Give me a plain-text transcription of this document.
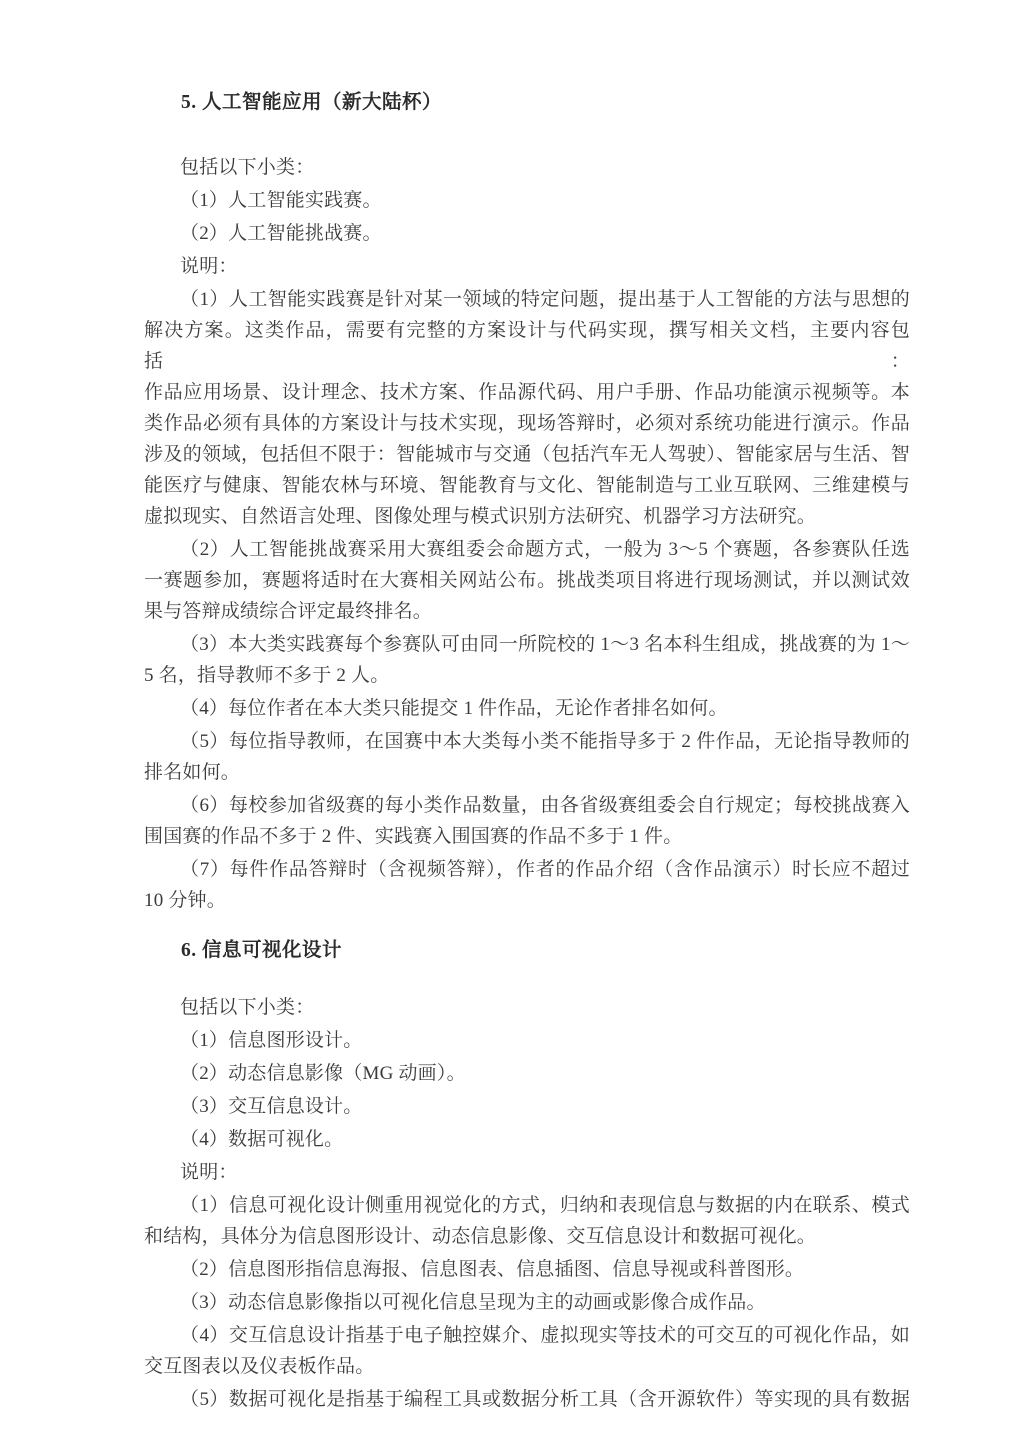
5. 人工智能应用（新大陆杯）
包括以下小类：
（1）人工智能实践赛。
（2）人工智能挑战赛。
说明：
（1）人工智能实践赛是针对某一领域的特定问题，提出基于人工智能的方法与思想的
解决方案。这类作品，需要有完整的方案设计与代码实现，撰写相关文档，主要内容包括：
作品应用场景、设计理念、技术方案、作品源代码、用户手册、作品功能演示视频等。本
类作品必须有具体的方案设计与技术实现，现场答辩时，必须对系统功能进行演示。作品
涉及的领域，包括但不限于：智能城市与交通（包括汽车无人驾驶）、智能家居与生活、智
能医疗与健康、智能农林与环境、智能教育与文化、智能制造与工业互联网、三维建模与
虚拟现实、自然语言处理、图像处理与模式识别方法研究、机器学习方法研究。
（2）人工智能挑战赛采用大赛组委会命题方式，一般为 3～5 个赛题，各参赛队任选
一赛题参加，赛题将适时在大赛相关网站公布。挑战类项目将进行现场测试，并以测试效
果与答辩成绩综合评定最终排名。
（3）本大类实践赛每个参赛队可由同一所院校的 1～3 名本科生组成，挑战赛的为 1～
5 名，指导教师不多于 2 人。
（4）每位作者在本大类只能提交 1 件作品，无论作者排名如何。
（5）每位指导教师，在国赛中本大类每小类不能指导多于 2 件作品，无论指导教师的
排名如何。
（6）每校参加省级赛的每小类作品数量，由各省级赛组委会自行规定；每校挑战赛入
围国赛的作品不多于 2 件、实践赛入围国赛的作品不多于 1 件。
（7）每件作品答辩时（含视频答辩），作者的作品介绍（含作品演示）时长应不超过
10 分钟。
6. 信息可视化设计
包括以下小类：
（1）信息图形设计。
（2）动态信息影像（MG 动画）。
（3）交互信息设计。
（4）数据可视化。
说明：
（1）信息可视化设计侧重用视觉化的方式，归纳和表现信息与数据的内在联系、模式
和结构，具体分为信息图形设计、动态信息影像、交互信息设计和数据可视化。
（2）信息图形指信息海报、信息图表、信息插图、信息导视或科普图形。
（3）动态信息影像指以可视化信息呈现为主的动画或影像合成作品。
（4）交互信息设计指基于电子触控媒介、虚拟现实等技术的可交互的可视化作品，如
交互图表以及仪表板作品。
（5）数据可视化是指基于编程工具或数据分析工具（含开源软件）等实现的具有数据
